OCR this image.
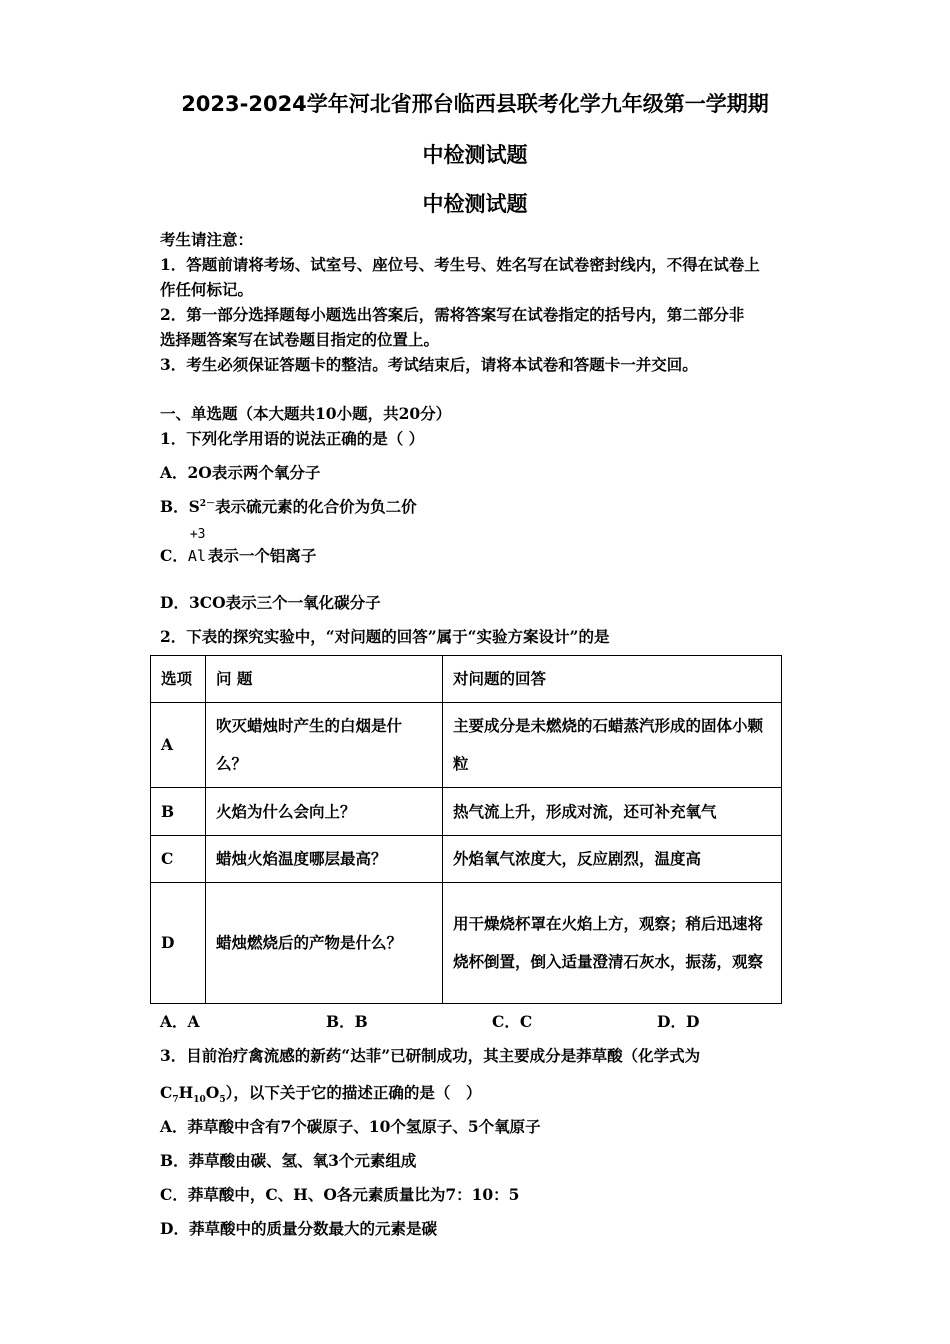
2023-2024学年河北省邢台临西县联考化学九年级第一学期期
中检测试题
中检测试题
考生请注意：
1．答题前请将考场、试室号、座位号、考生号、姓名写在试卷密封线内，不得在试卷上
作任何标记。
2．第一部分选择题每小题选出答案后，需将答案写在试卷指定的括号内，第二部分非
选择题答案写在试卷题目指定的位置上。
3．考生必须保证答题卡的整洁。考试结束后，请将本试卷和答题卡一并交回。
一、单选题（本大题共10小题，共20分）
1．下列化学用语的说法正确的是（ ）
A．2O表示两个氧分子
B．$S^{2-}$表示硫元素的化合价为负二价
C．
+3
Al 表示一个铝离子
D．3CO表示三个一氧化碳分子
2．下表的探究实验中，“对问题的回答”属于“实验方案设计”的是
选项	问 题	对问题的回答
A	吹灭蜡烛时产生的白烟是什么？	主要成分是未燃烧的石蜡蒸汽形成的固体小颗粒
B	火焰为什么会向上？	热气流上升，形成对流，还可补充氧气
C	蜡烛火焰温度哪层最高？	外焰氧气浓度大，反应剧烈，温度高
D	蜡烛燃烧后的产物是什么？	用干燥烧杯罩在火焰上方，观察；稍后迅速将烧杯倒置，倒入适量澄清石灰水，振荡，观察
A．A	B．B	C．C	D．D
3．目前治疗禽流感的新药“达菲”已研制成功，其主要成分是莽草酸（化学式为
$C_7H_{10}O_5$），以下关于它的描述正确的是（　）
A．莽草酸中含有7个碳原子、10个氢原子、5个氧原子
B．莽草酸由碳、氢、氧3个元素组成
C．莽草酸中，C、H、O各元素质量比为7：10：5
D．莽草酸中的质量分数最大的元素是碳
